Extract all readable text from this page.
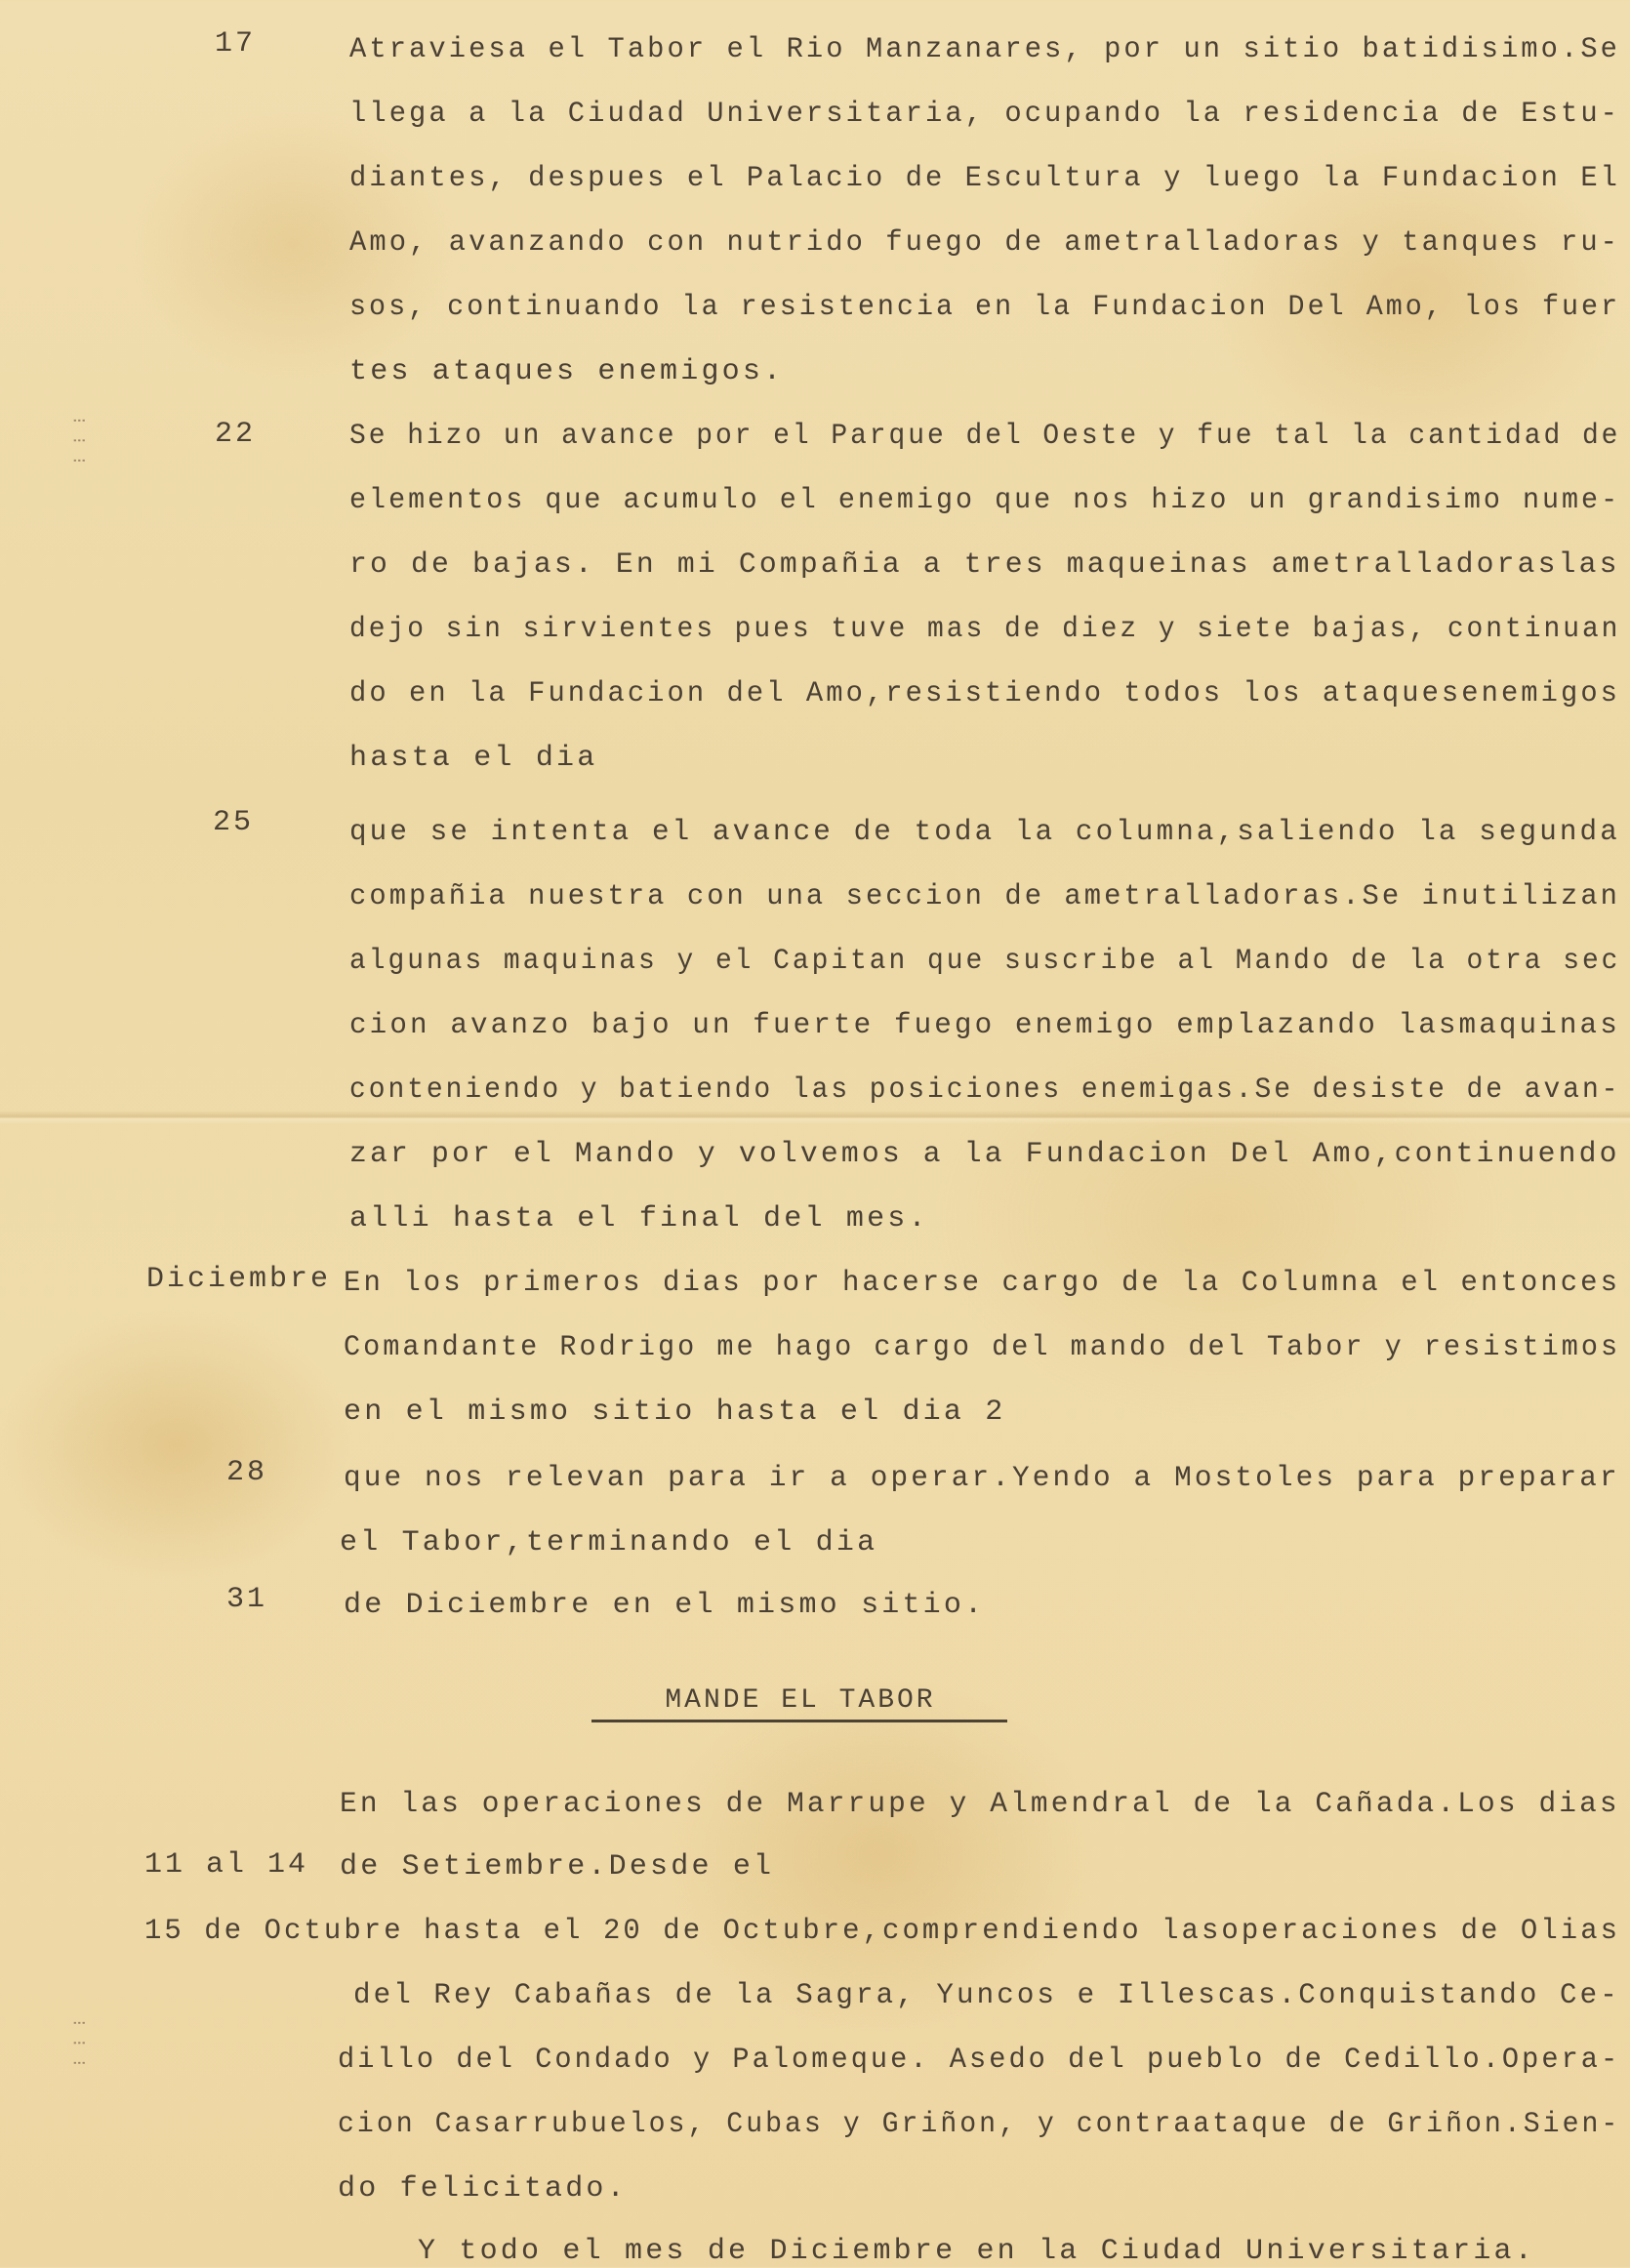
⁝ ⁝ ⁝
⁝ ⁝ ⁝
17	Atraviesa el Tabor el Rio Manzanares, por un sitio batidisimo.Se
llega a la Ciudad Universitaria, ocupando la residencia de Estu-
diantes, despues el Palacio de Esculturа y luego la Fundacion El
Amo, avanzando con nutrido fuego de ametralladoras y tanques ru-
sos, continuando la resistencia en la Fundacion Del Amo, los fuer
tes ataques enemigos.
22	Se hizo un avance por el Parque del Oeste y fue tal la cantidad de
elementos que acumulo el enemigo que nos hizo un grandisimo nume-
ro de bajas. En mi Compañia a tres maqueinas ametralladoraslas
dejo sin sirvientes pues tuve mas de diez y siete bajas, continuan
do en la Fundacion del Amo,resistiendo todos los ataquesenemigos
hasta el dia
25	que se intenta el avance de toda la columna,saliendo la segunda
compañia nuestra con una seccion de ametralladoras.Se inutilizan
algunas maquinas y el Capitan que suscribe al Mando de la otra sec
cion avanzo bajo un fuerte fuego enemigo emplazando lasmaquinas
conteniendo y batiendo las posiciones enemigas.Se desiste de avan-
zar por el Mando y volvemos a la Fundacion Del Amo,continuendo
alli hasta el final del mes.
Diciembre En los primeros dias por hacerse cargo de la Columna el entonces
Comandante Rodrigo me hago cargo del mando del Tabor y resistimos
en el mismo sitio hasta el dia 2
28	que nos relevan para ir a operar.Yendo a Mostoles para preparar
el Tabor,terminando el dia
31	de Diciembre en el mismo sitio.
MANDE EL TABOR
En las operaciones de Marrupe y Almendral de la Cañada.Los dias
11 al 14 de Setiembre.Desde el
15 de Octubre hasta el 20 de Octubre,comprendiendo lasoperaciones de Olias
del Rey Cabañas de la Sagra, Yuncos e Illescas.Conquistando Ce-
dillo del Condado y Palomeque. Asedo del pueblo de Cedillo.Opera-
cion Casarrubuelos, Cubas y Griñon, y contraataque de Griñon.Sien-
do felicitado.
Y todo el mes de Diciembre en la Ciudad Universitaria.
